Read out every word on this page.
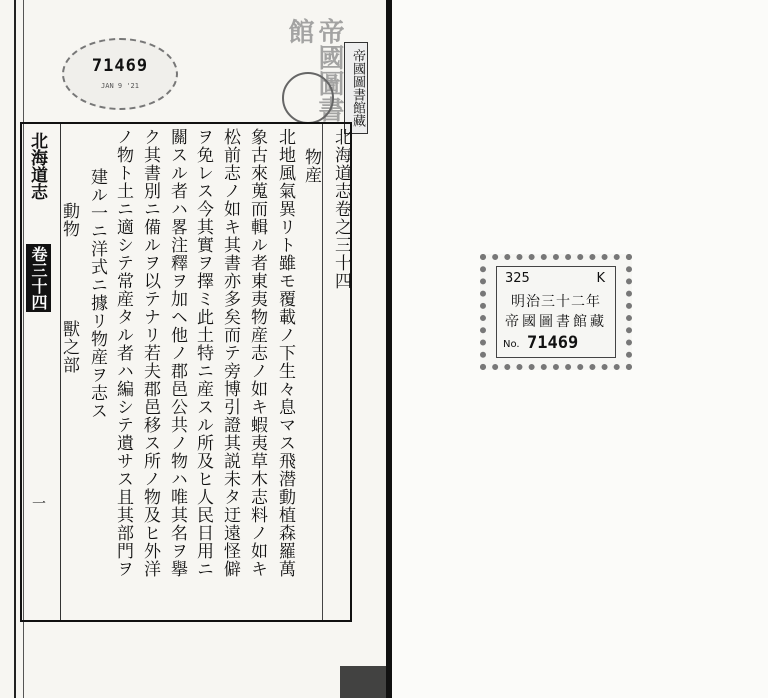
71469
JAN 9 '21	帝國圖書館
帝國圖書館藏
北海道志卷之三十四
物産
北地風氣異リト雖モ覆載ノ下生々息マス飛潜動植森羅萬
象古來蒐而輯ル者東夷物産志ノ如キ蝦夷草木志料ノ如キ
松前志ノ如キ其書亦多矣而テ旁博引證其説未タ迂遠怪僻
ヲ免レス今其實ヲ擇ミ此土特ニ産スル所及ヒ人民日用ニ
關スル者ハ畧注釋ヲ加ヘ他ノ郡邑公共ノ物ハ唯其名ヲ擧
ク其書別ニ備ルヲ以テナリ若夫郡邑移ス所ノ物及ヒ外洋
ノ物ト土ニ適シテ常産タル者ハ編シテ遺サス且其部門ヲ
建ル一ニ洋式ニ據リ物産ヲ志ス
動物
獸之部
北海道志
卷三十四
一
325	K
明治三十二年
帝國圖書館藏
No. 71469
